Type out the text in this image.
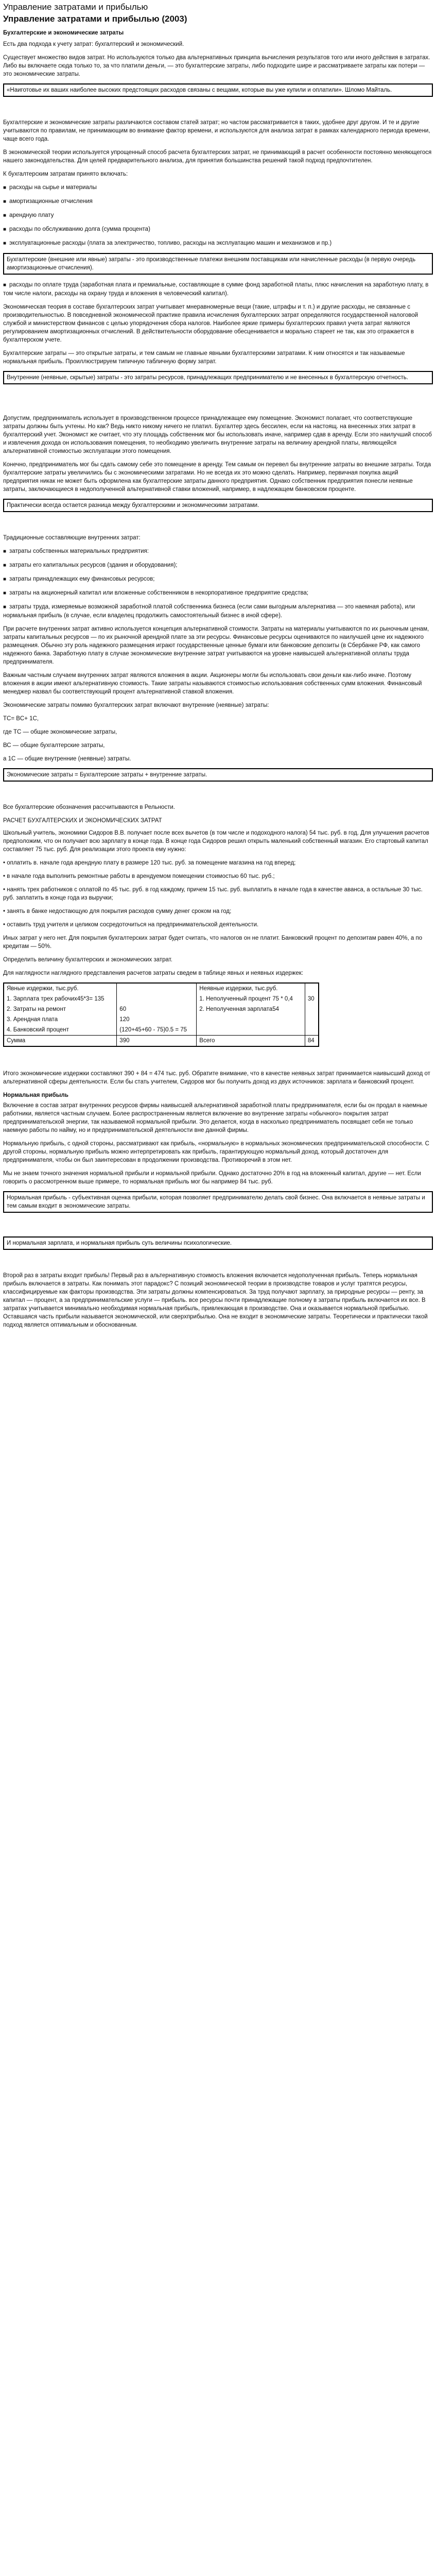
Управление затратами и прибылью
Управление затратами и прибылью (2003)
Бухгалтерские и экономические затраты

Есть два подхода к учету затрат: бухгалтерский и экономический.

Существует множество видов затрат. Но используются только два альтернативных принципа вычисления результатов того или иного действия в затратах. Либо вы включаете сюда только то, за что платили деньги, — это бухгалтерские затраты, либо подходите шире и рассматриваете затраты как потери — это экономические затраты.

«Наиготовье их ваших наиболее высоких предстоящих расходов связаны с вещами, которые вы уже купили и оплатили». Шломо Майталь.

Бухгалтерские и экономические затраты различаются составом статей затрат; но частом рассматривается в таких, удобнее друг другом. И те и другие учитываются по правилам, не принимающим во внимание фактор времени, и используются для анализа затрат в рамках календарного периода времени, чаще всего года.

В экономической теории используется упрощенный способ расчета бухгалтерских затрат, не принимающий в расчет особенности постоянно меняющегося нашего законодательства. Для целей предварительного анализа, для принятия большинства решений такой подход предпочтителен.

К бухгалтерским затратам принято включать:

■ расходы на сырье и материалы
■ амортизационные отчисления
■ арендную плату
■ расходы по обслуживанию долга (сумма процента)
■ эксплуатационные расходы (плата за электричество, топливо, расходы на эксплуатацию машин и механизмов и пр.)
Бухгалтерские (внешние или явные) затраты - это производственные платежи внешним поставщикам или начисленные расходы (в первую очередь амортизационные отчисления).
■ расходы по оплате труда (заработная плата и премиальные, составляющие в сумме фонд заработной платы, плюс начисления на заработную плату, в том числе налоги, расходы на охрану труда и вложения в человеческий капитал).

Экономическая теория в составе бухгалтерских затрат учитывает мнеравномерные вещи (такие, штрафы и т. п.) и другие расходы, не связанные с производительностью. В повседневной экономической практике правила исчисления бухгалтерских затрат определяются государственной налоговой службой и министерством финансов с целью упорядочения сбора налогов. Наиболее яркие примеры бухгалтерских правил учета затрат являются регулированием амортизационных отчислений. В действительности оборудование обесценивается и морально стареет не так, как это отражается в бухгалтерском учете.

Бухгалтерские затраты — это открытые затраты, и тем самым не главные явными бухгалтерскими затратами. К ним относятся и так называемые нормальная прибыль. Проиллюстрируем типичную табличную форму затрат.

Внутренние (неявные, скрытые) затраты - это затраты ресурсов, принадлежащих предпринимателю и не внесенных в бухгалтерскую отчетность.

Допустим, предприниматель использует в производственном процессе принадлежащее ему помещение. Экономист полагает, что соответствующие затраты должны быть учтены. Но как? Ведь никто никому ничего не платил. Бухгалтер здесь бессилен, если на настоящ. на внесенных этих затрат в бухгалтерский учет. Экономист же считает, что эту площадь собственник мог бы использовать иначе, например сдав в аренду. Если это наилучший способ и извлечения дохода он использования помещения, то необходимо увеличить внутренние затраты на величину арендной платы, являющейся альтернативной стоимостью эксплуатации этого помещения.

Конечно, предприниматель мог бы сдать самому себе это помещение в аренду. Тем самым он перевел бы внутренние затраты во внешние затраты. Тогда бухгалтерские затраты увеличились бы с экономическими затратами. Но не всегда их это можно сделать. Например, первичная покупка акций предприятия никак не может быть оформлена как бухгалтерские затраты данного предприятия. Однако собственник предприятия понесли неявные затраты, заключающиеся в недополученной альтернативной ставки вложений, например, в надлежащем банковском проценте.

Практически всегда остается разница между бухгалтерскими и экономическими затратами.

Традиционные составляющие внутренних затрат:

■ затраты собственных материальных предприятия:
■ затраты его капитальных ресурсов (здания и оборудования);
■ затраты принадлежащих ему финансовых ресурсов;
■ затраты на акционерный капитал или вложенные собственником в некорпоративное предприятие средства;
■ затраты труда, измеряемые возможной заработной платой собственника бизнеса (если сами выгодным альтернатива — это наемная работа), или нормальная прибыль (в случае, если владелец продолжить самостоятельный бизнес в иной сфере).

При расчете внутренних затрат активно используется концепция альтернативной стоимости. Затраты на материалы учитываются по их рыночным ценам, затраты капитальных ресурсов — по их рыночной арендной плате за эти ресурсы. Финансовые ресурсы оцениваются по наилучшей цене их надежного размещения. Обычно эту роль надежного размещения играют государственные ценные бумаги или банковские депозиты (в Сбербанке РФ, как самого надежного банка. Заработную плату в случае экономические внутренние затрат учитываются на уровне наивысшей альтернативной оплаты труда предпринимателя.

Важным частным случаем внутренних затрат являются вложения в акции. Акционеры могли бы использовать свои деньги как-либо иначе. Поэтому вложения в акции имеют альтернативную стоимость. Такие затраты называются стоимостью использования собственных сумм вложения. Финансовый менеджер назвал бы соответствующий процент альтернативной ставкой вложения.

Экономические затраты помимо бухгалтерских затрат включают внутренние (неявные) затраты:

TC= BC+ 1C,

где ТС — общие экономические затраты,

ВС — общие бухгалтерские затраты,

а 1С — общие внутренние (неявные) затраты.

Экономические затраты = Бухгалтерские затраты + внутренние затраты.

Все бухгалтерские обозначения рассчитываются в Рельности.

РАСЧЕТ БУХГАЛТЕРСКИХ И ЭКОНОМИЧЕСКИХ ЗАТРАТ

Школьный учитель, экономики Сидоров В.В. получает после всех вычетов (в том числе и подоходного налога) 54 тыс. руб. в год. Для улучшения расчетов предположим, что он получает всю зарплату в конце года. В конце года Сидоров решил открыть маленький собственный магазин. Его стартовый капитал составляет 75 тыс. руб. Для реализации этого проекта ему нужно:

• оплатить в. начале года арендную плату в размере 120 тыс. руб. за помещение магазина на год вперед;

• в начале года выполнить ремонтные работы в арендуемом помещении стоимостью 60 тыс. руб.;

• нанять трех работников с оплатой по 45 тыс. руб. в год каждому, причем 15 тыс. руб. выплатить в начале года в качестве аванса, а остальные 30 тыс. руб. заплатить в конце года из выручки;

• занять в банке недостающую для покрытия расходов сумму денег сроком на год;

• оставить труд учителя и целиком сосредоточиться на предпринимательской деятельности.

Иных затрат у него нет. Для покрытия бухгалтерских затрат будет считать, что налогов он не платит. Банковский процент по депозитам равен 40%, а по кредитам — 50%.

Определить величину бухгалтерских и экономических затрат.

Для наглядности наглядного представления расчетов затраты сведем в таблице явных и неявных издержек:

Явные издержки, тыс.руб.		Неявные издержки, тыс.руб.	
1. Зарплата трех рабочих45*3= 135		1. Неполученный процент 75 * 0,4	30
2. Затраты на ремонт	60	2. Неполученная зарплата54	
3. Арендная плата	120		
4. Банковский процент	(120+45+60 - 75)0.5 = 75		
Сумма	390	Всего	84

Итого экономические издержки составляют 390 + 84 = 474 тыс. руб. Обратите внимание, что в качестве неявных затрат принимается наивысший доход от альтернативной сферы деятельности. Если бы стать учителем, Сидоров мог бы получить доход из двух источников: зарплата и банковский процент.

Нормальная прибыль

Включение в состав затрат внутренних ресурсов фирмы наивысшей альтернативной заработной платы предпринимателя, если бы он продал в наемные работники, является частным случаем. Более распространенным является включение во внутренние затраты «обычного» покрытия затрат предпринимательской энергии, так называемой нормальной прибыли. Это делается, когда в насколько предприниматель посвящает себя не только наемную работы по найму, но и предпринимательской деятельности вне данной фирмы.

Нормальную прибыль, с одной стороны, рассматривают как прибыль, «нормальную» в нормальных экономических предпринимательской способности. С другой стороны, нормальную прибыль можно интерпретировать как прибыль, гарантирующую нормальный доход, который достаточен для предпринимателя, чтобы он был заинтересован в продолжении производства. Противоречий в этом нет.

Мы не знаем точного значения нормальной прибыли и нормальной прибыли. Однако достаточно 20% в год на вложенный капитал, другие — нет. Если говорить о рассмотренном выше примере, то нормальная прибыль мог бы например 84 тыс. руб.

Нормальная прибыль - субъективная оценка прибыли, которая позволяет предпринимателю делать свой бизнес. Она включается в неявные затраты и тем самым входит в экономические затраты.
И нормальная зарплата, и нормальная прибыль суть величины психологические.

Второй раз в затраты входит прибыль! Первый раз в альтернативную стоимость вложения включается недополученная прибыль. Теперь нормальная прибыль включается в затраты. Как понимать этот парадокс? С позиций экономической теории в производстве товаров и услуг тратятся ресурсы, классифицируемые как факторы производства. Эти затраты должны компенсироваться. За труд получают зарплату, за природные ресурсы — ренту, за капитал — процент, а за предпринимательские услуги — прибыль. все ресурсы почти принадлежащие полному в затраты прибыль включается их все. В затратах учитывается минимально необходимая нормальная прибыль, привлекающая в производстве. Она и оказывается нормальной прибылью. Оставшаяся часть прибыли называется экономической, или сверхприбылью. Она не входит в экономические затраты. Теоретически и практически такой подход является оптимальным и обоснованным.
